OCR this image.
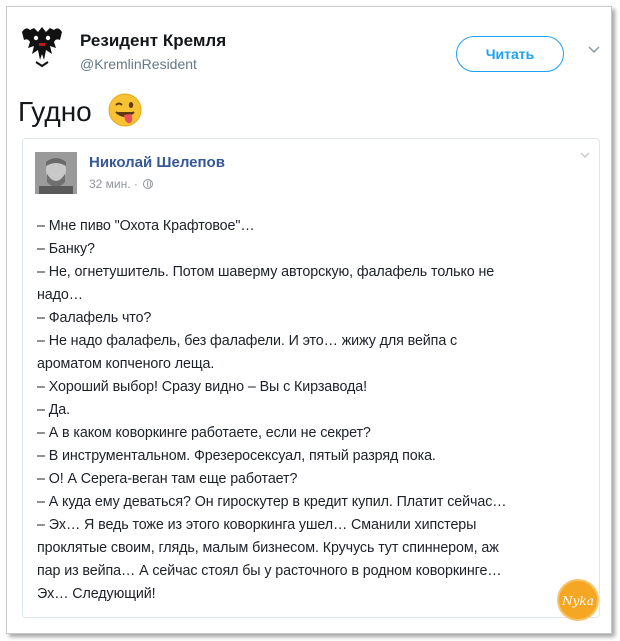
Резидент Кремля
@KremlinResident
Читать
Гудно
Николай Шелепов
32 мин. ·
– Мне пиво "Охота Крафтовое"…
– Банку?
– Не, огнетушитель. Потом шаверму авторскую, фалафель только не
надо…
– Фалафель что?
– Не надо фалафель, без фалафели. И это… жижу для вейпа с
ароматом копченого леща.
– Хороший выбор! Сразу видно – Вы с Кирзавода!
– Да.
– А в каком коворкинге работаете, если не секрет?
– В инструментальном. Фрезеросексуал, пятый разряд пока.
– О! А Серега-веган там еще работает?
– А куда ему деваться? Он гироскутер в кредит купил. Платит сейчас…
– Эх… Я ведь тоже из этого коворкинга ушел… Сманили хипстеры
проклятые своим, глядь, малым бизнесом. Кручусь тут спиннером, аж
пар из вейпа… А сейчас стоял бы у расточного в родном коворкинге…
Эх… Следующий!	Nyka
